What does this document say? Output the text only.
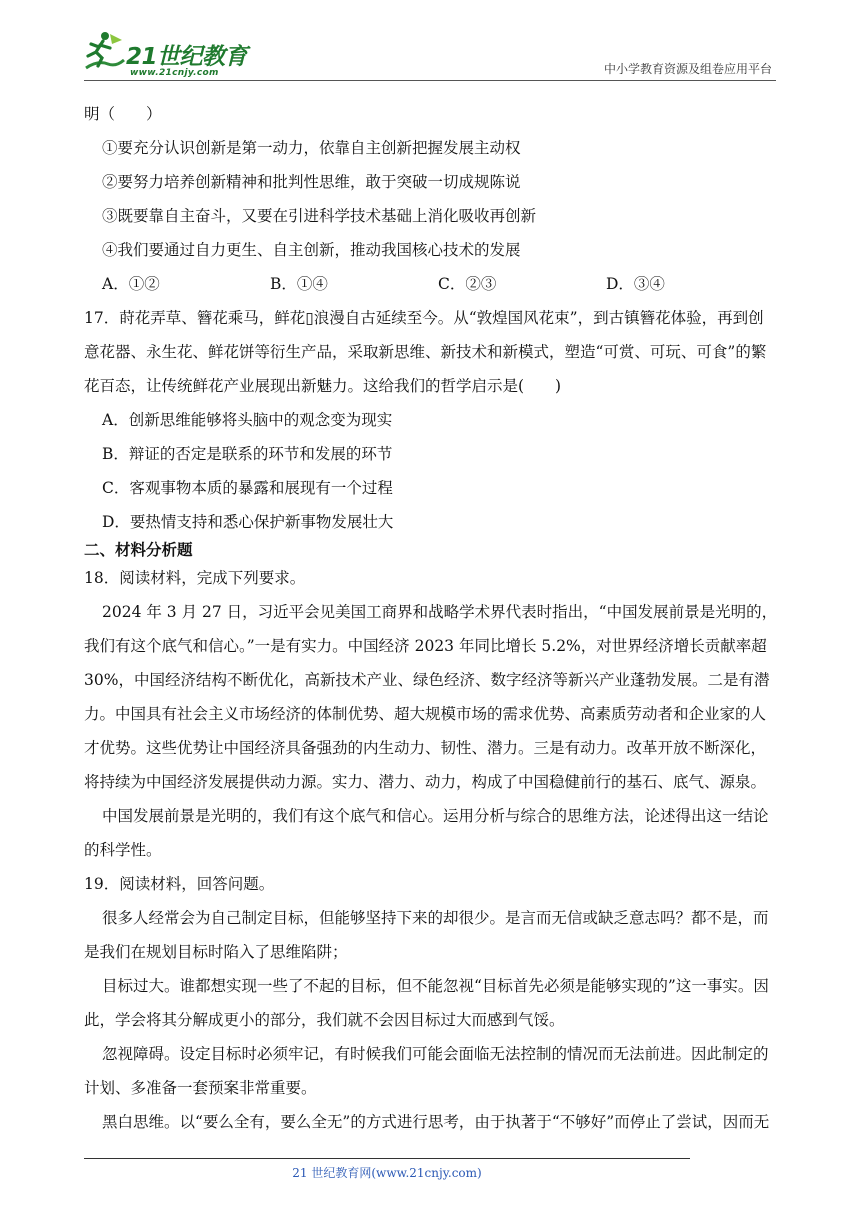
21世纪教育
www.21cnjy.com	中小学教育资源及组卷应用平台
明（　　）
①要充分认识创新是第一动力，依靠自主创新把握发展主动权
②要努力培养创新精神和批判性思维，敢于突破一切成规陈说
③既要靠自主奋斗，又要在引进科学技术基础上消化吸收再创新
④我们要通过自力更生、自主创新，推动我国核心技术的发展
A．①②	B．①④	C．②③	D．③④
17．莳花弄草、簪花乘马，鲜花▯浪漫自古延续至今。从“敦煌国风花束”，到古镇簪花体验，再到创
意花器、永生花、鲜花饼等衍生产品，采取新思维、新技术和新模式，塑造“可赏、可玩、可食”的繁
花百态，让传统鲜花产业展现出新魅力。这给我们的哲学启示是(　　)
A．创新思维能够将头脑中的观念变为现实
B．辩证的否定是联系的环节和发展的环节
C．客观事物本质的暴露和展现有一个过程
D．要热情支持和悉心保护新事物发展壮大
二、材料分析题
18．阅读材料，完成下列要求。
2024 年 3 月 27 日，习近平会见美国工商界和战略学术界代表时指出，“中国发展前景是光明的，
我们有这个底气和信心。”一是有实力。中国经济 2023 年同比增长 5.2%，对世界经济增长贡献率超
30%，中国经济结构不断优化，高新技术产业、绿色经济、数字经济等新兴产业蓬勃发展。二是有潜
力。中国具有社会主义市场经济的体制优势、超大规模市场的需求优势、高素质劳动者和企业家的人
才优势。这些优势让中国经济具备强劲的内生动力、韧性、潜力。三是有动力。改革开放不断深化，
将持续为中国经济发展提供动力源。实力、潜力、动力，构成了中国稳健前行的基石、底气、源泉。
中国发展前景是光明的，我们有这个底气和信心。运用分析与综合的思维方法，论述得出这一结论
的科学性。
19．阅读材料，回答问题。
很多人经常会为自己制定目标，但能够坚持下来的却很少。是言而无信或缺乏意志吗？都不是，而
是我们在规划目标时陷入了思维陷阱；
目标过大。谁都想实现一些了不起的目标，但不能忽视“目标首先必须是能够实现的”这一事实。因
此，学会将其分解成更小的部分，我们就不会因目标过大而感到气馁。
忽视障碍。设定目标时必须牢记，有时候我们可能会面临无法控制的情况而无法前进。因此制定的
计划、多准备一套预案非常重要。
黑白思维。以“要么全有，要么全无”的方式进行思考，由于执著于“不够好”而停止了尝试，因而无
21 世纪教育网(www.21cnjy.com)
